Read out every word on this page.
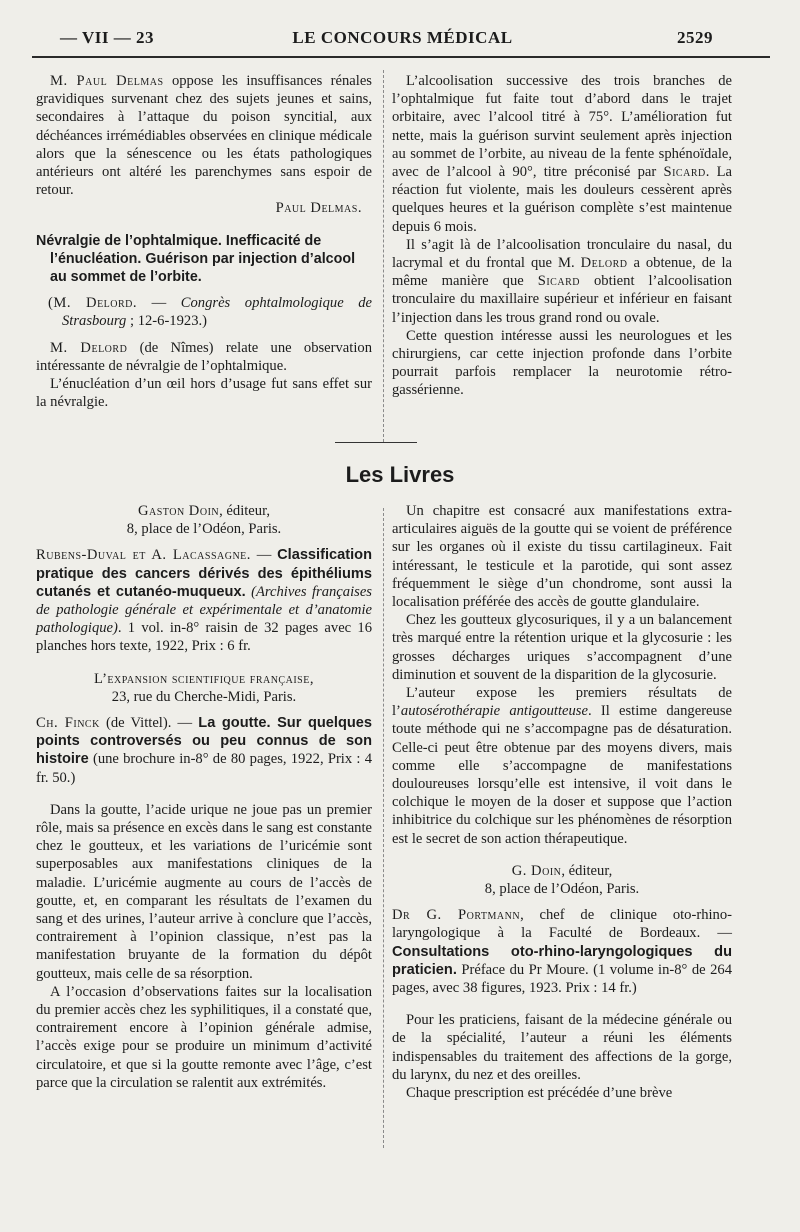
— VII — 23	LE CONCOURS MÉDICAL	2529

M. Paul Delmas oppose les insuffisances rénales gravidiques survenant chez des sujets jeunes et sains, secondaires à l’attaque du poison syncitial, aux déchéances irrémédiables observées en clinique médicale alors que la sénescence ou les états pathologiques antérieurs ont altéré les parenchymes sans espoir de retour.

Paul Delmas.

Névralgie de l’ophtalmique. Inefficacité de l’énucléation. Guérison par injection d’alcool au sommet de l’orbite.

(M. Delord. — Congrès ophtalmologique de Strasbourg ; 12-6-1923.)

M. Delord (de Nîmes) relate une observation intéressante de névralgie de l’ophtalmique.

L’énucléation d’un œil hors d’usage fut sans effet sur la névralgie.

L’alcoolisation successive des trois branches de l’ophtalmique fut faite tout d’abord dans le trajet orbitaire, avec l’alcool titré à 75°. L’amélioration fut nette, mais la guérison survint seulement après injection au sommet de l’orbite, au niveau de la fente sphénoïdale, avec de l’alcool à 90°, titre préconisé par Sicard. La réaction fut violente, mais les douleurs cessèrent après quelques heures et la guérison complète s’est maintenue depuis 6 mois.

Il s’agit là de l’alcoolisation tronculaire du nasal, du lacrymal et du frontal que M. Delord a obtenue, de la même manière que Sicard obtient l’alcoolisation tronculaire du maxillaire supérieur et inférieur en faisant l’injection dans les trous grand rond ou ovale.

Cette question intéresse aussi les neurologues et les chirurgiens, car cette injection profonde dans l’orbite pourrait parfois remplacer la neurotomie rétro-gassérienne.

Les Livres

Gaston Doin, éditeur,

8, place de l’Odéon, Paris.

Rubens-Duval et A. Lacassagne. — Classification pratique des cancers dérivés des épithéliums cutanés et cutanéo-muqueux. (Archives françaises de pathologie générale et expérimentale et d’anatomie pathologique). 1 vol. in-8° raisin de 32 pages avec 16 planches hors texte, 1922, Prix : 6 fr.

L’expansion scientifique française,

23, rue du Cherche-Midi, Paris.

Ch. Finck (de Vittel). — La goutte. Sur quelques points controversés ou peu connus de son histoire (une brochure in-8° de 80 pages, 1922, Prix : 4 fr. 50.)

Dans la goutte, l’acide urique ne joue pas un premier rôle, mais sa présence en excès dans le sang est constante chez le goutteux, et les variations de l’uricémie sont superposables aux manifestations cliniques de la maladie. L’uricémie augmente au cours de l’accès de goutte, et, en comparant les résultats de l’examen du sang et des urines, l’auteur arrive à conclure que l’accès, contrairement à l’opinion classique, n’est pas la manifestation bruyante de la formation du dépôt goutteux, mais celle de sa résorption.

A l’occasion d’observations faites sur la localisation du premier accès chez les syphilitiques, il a constaté que, contrairement encore à l’opinion générale admise, l’accès exige pour se produire un minimum d’activité circulatoire, et que si la goutte remonte avec l’âge, c’est parce que la circulation se ralentit aux extrémités.

Un chapitre est consacré aux manifestations extra-articulaires aiguës de la goutte qui se voient de préférence sur les organes où il existe du tissu cartilagineux. Fait intéressant, le testicule et la parotide, qui sont assez fréquemment le siège d’un chondrome, sont aussi la localisation préférée des accès de goutte glandulaire.

Chez les goutteux glycosuriques, il y a un balancement très marqué entre la rétention urique et la glycosurie : les grosses décharges uriques s’accompagnent d’une diminution et souvent de la disparition de la glycosurie.

L’auteur expose les premiers résultats de l’autosérothérapie antigoutteuse. Il estime dangereuse toute méthode qui ne s’accompagne pas de désaturation. Celle-ci peut être obtenue par des moyens divers, mais comme elle s’accompagne de manifestations douloureuses lorsqu’elle est intensive, il voit dans le colchique le moyen de la doser et suppose que l’action inhibitrice du colchique sur les phénomènes de résorption est le secret de son action thérapeutique.

G. Doin, éditeur,

8, place de l’Odéon, Paris.

Dr G. Portmann, chef de clinique oto-rhino-laryngologique à la Faculté de Bordeaux. — Consultations oto-rhino-laryngologiques du praticien. Préface du Pr Moure. (1 volume in-8° de 264 pages, avec 38 figures, 1923. Prix : 14 fr.)

Pour les praticiens, faisant de la médecine générale ou de la spécialité, l’auteur a réuni les éléments indispensables du traitement des affections de la gorge, du larynx, du nez et des oreilles.

Chaque prescription est précédée d’une brève
